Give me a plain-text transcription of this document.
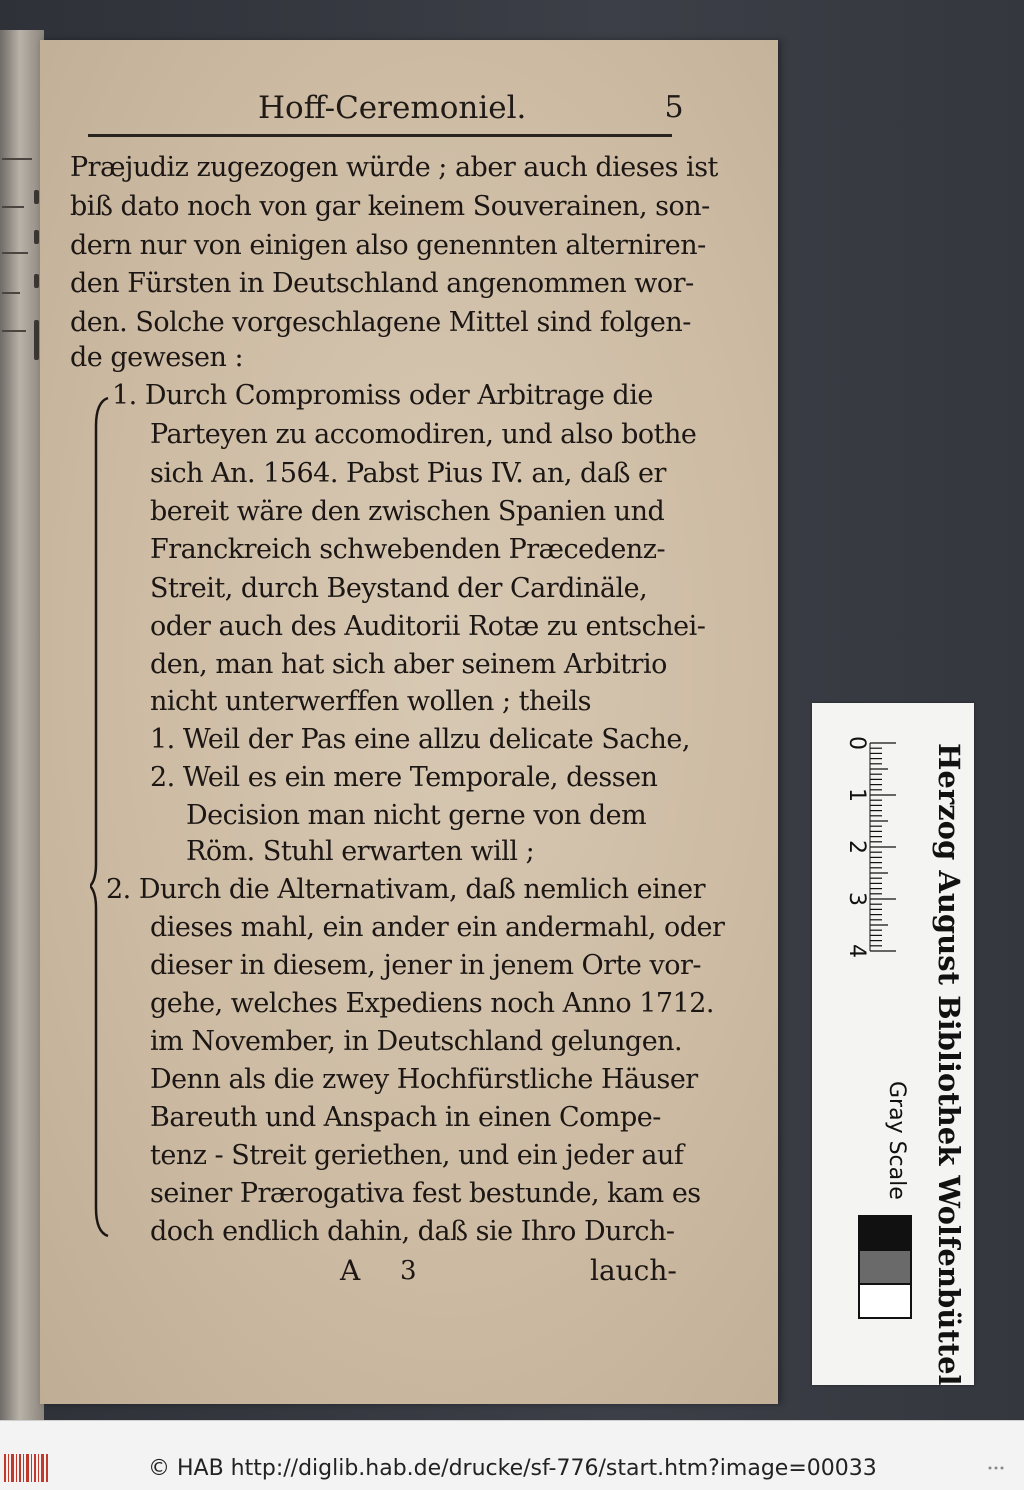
Hoff-Ceremoniel.	5
Præjudiz zugezogen würde ; aber auch dieses ist
biß dato noch von gar keinem Souverainen, son-
dern nur von einigen also genennten alterniren-
den Fürsten in Deutschland angenommen wor-
den. Solche vorgeschlagene Mittel sind folgen-
de gewesen :
1. Durch Compromiss oder Arbitrage die
Parteyen zu accomodiren, und also bothe
sich An. 1564. Pabst Pius IV. an, daß er
bereit wäre den zwischen Spanien und
Franckreich schwebenden Præcedenz-
Streit, durch Beystand der Cardinäle,
oder auch des Auditorii Rotæ zu entschei-
den, man hat sich aber seinem Arbitrio
nicht unterwerffen wollen ; theils
1. Weil der Pas eine allzu delicate Sache,
2. Weil es ein mere Temporale, dessen
Decision man nicht gerne von dem
Röm. Stuhl erwarten will ;
2. Durch die Alternativam, daß nemlich einer
dieses mahl, ein ander ein andermahl, oder
dieser in diesem, jener in jenem Orte vor-
gehe, welches Expediens noch Anno 1712.
im November, in Deutschland gelungen.
Denn als die zwey Hochfürstliche Häuser
Bareuth und Anspach in einen Compe-
tenz - Streit geriethen, und ein jeder auf
seiner Prærogativa fest bestunde, kam es
doch endlich dahin, daß sie Ihro Durch-
A 3	lauch-
0
1
2
3
4 Herzog August Bibliothek Wolfenbüttel
Gray Scale
© HAB http://diglib.hab.de/drucke/sf-776/start.htm?image=00033
